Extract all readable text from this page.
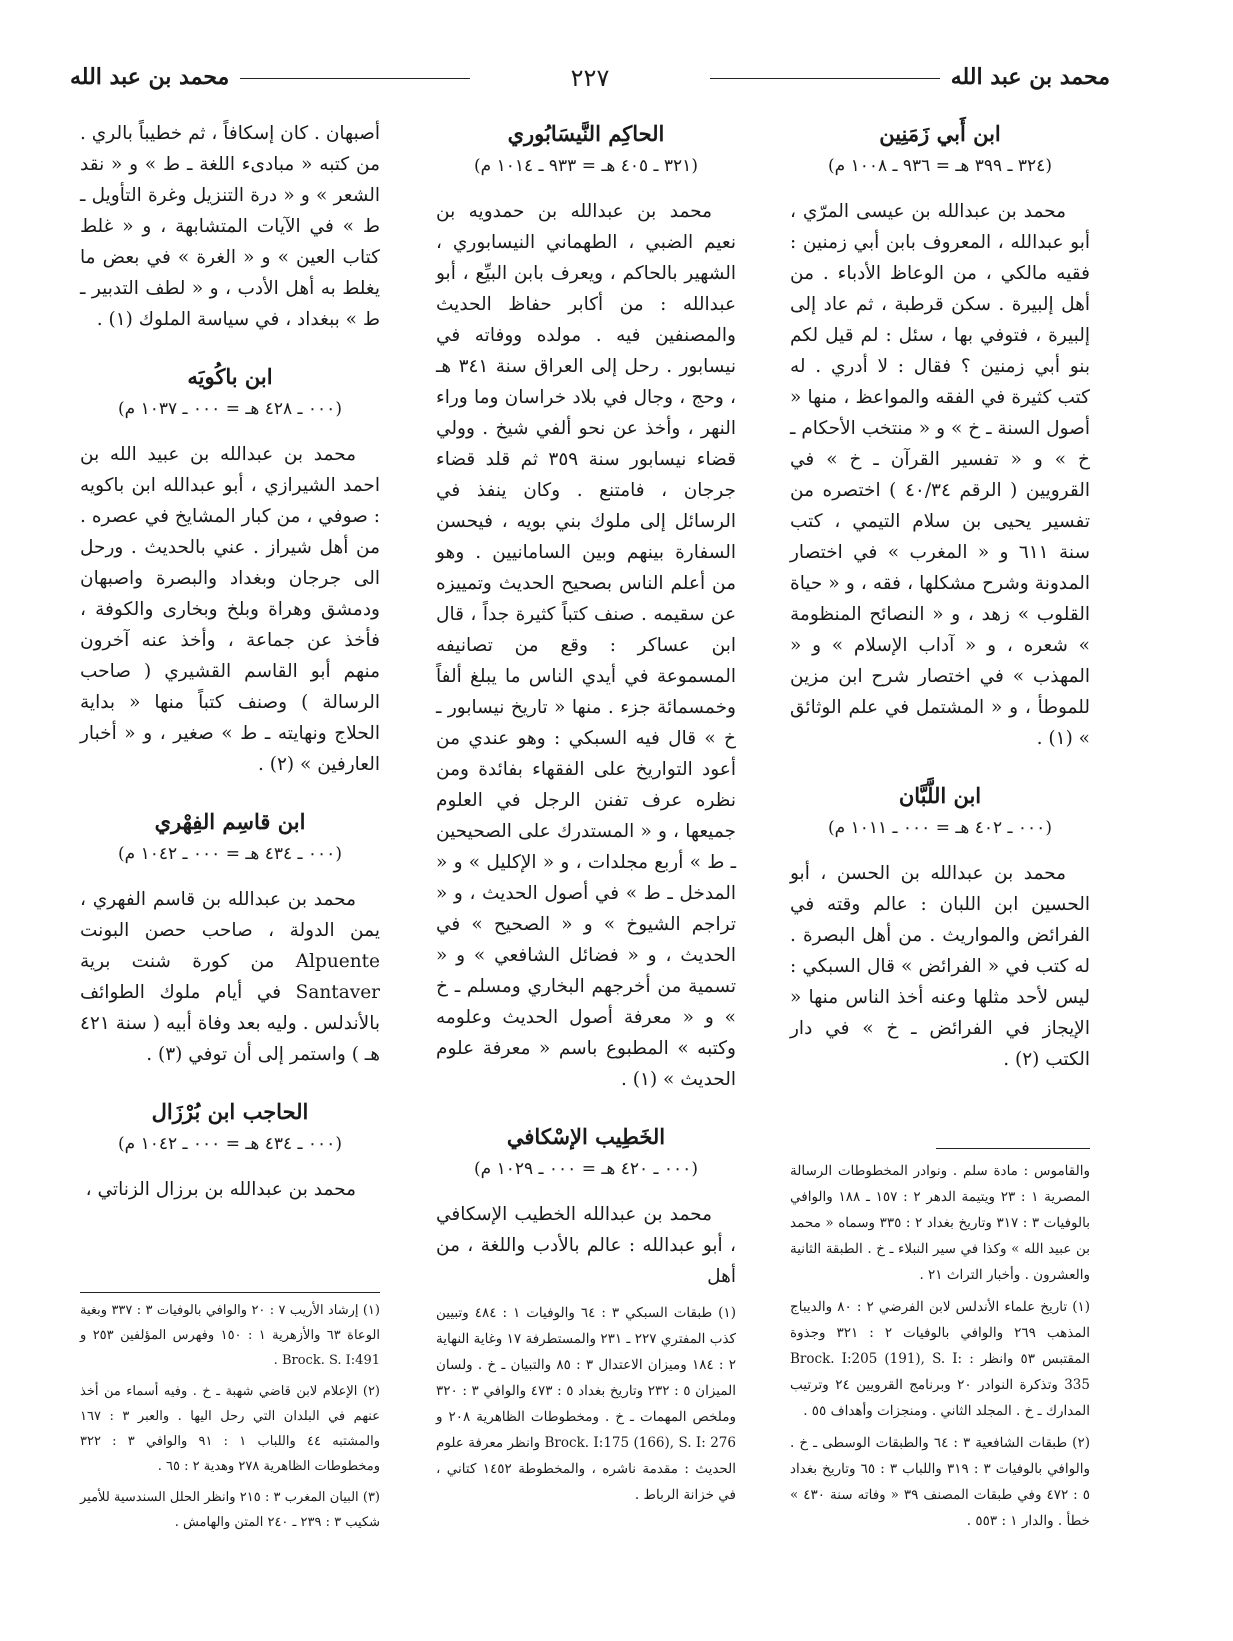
محمد بن عبد الله
٢٢٧
محمد بن عبد الله
ابن أَبي زَمَنِين
(٣٢٤ ـ ٣٩٩ هـ = ٩٣٦ ـ ١٠٠٨ م)

محمد بن عبدالله بن عيسى المرّي ، أبو عبدالله ، المعروف بابن أبي زمنين : فقيه مالكي ، من الوعاظ الأدباء . من أهل إلبيرة . سكن قرطبة ، ثم عاد إلى إلبيرة ، فتوفي بها ، سئل : لم قيل لكم بنو أبي زمنين ؟ فقال : لا أدري . له كتب كثيرة في الفقه والمواعظ ، منها « أصول السنة ـ خ » و « منتخب الأحكام ـ خ » و « تفسير القرآن ـ خ » في القرويين ( الرقم ٤٠/٣٤ ) اختصره من تفسير يحيى بن سلام التيمي ، كتب سنة ٦١١ و « المغرب » في اختصار المدونة وشرح مشكلها ، فقه ، و « حياة القلوب » زهد ، و « النصائح المنظومة » شعره ، و « آداب الإسلام » و « المهذب » في اختصار شرح ابن مزين للموطأ ، و « المشتمل في علم الوثائق » (١) .

ابن اللَّبَّان
(٠٠٠ ـ ٤٠٢ هـ = ٠٠٠ ـ ١٠١١ م)

محمد بن عبدالله بن الحسن ، أبو الحسين ابن اللبان : عالم وقته في الفرائض والمواريث . من أهل البصرة . له كتب في « الفرائض » قال السبكي : ليس لأحد مثلها وعنه أخذ الناس منها « الإيجاز في الفرائض ـ خ » في دار الكتب (٢) .

الحاكِم النَّيسَابُوري
(٣٢١ ـ ٤٠٥ هـ = ٩٣٣ ـ ١٠١٤ م)

محمد بن عبدالله بن حمدويه بن نعيم الضبي ، الطهماني النيسابوري ، الشهير بالحاكم ، ويعرف بابن البيِّع ، أبو عبدالله : من أكابر حفاظ الحديث والمصنفين فيه . مولده ووفاته في نيسابور . رحل إلى العراق سنة ٣٤١ هـ ، وحج ، وجال في بلاد خراسان وما وراء النهر ، وأخذ عن نحو ألفي شيخ . وولي قضاء نيسابور سنة ٣٥٩ ثم قلد قضاء جرجان ، فامتنع . وكان ينفذ في الرسائل إلى ملوك بني بويه ، فيحسن السفارة بينهم وبين السامانيين . وهو من أعلم الناس بصحيح الحديث وتمييزه عن سقيمه . صنف كتباً كثيرة جداً ، قال ابن عساكر : وقع من تصانيفه المسموعة في أيدي الناس ما يبلغ ألفاً وخمسمائة جزء . منها « تاريخ نيسابور ـ خ » قال فيه السبكي : وهو عندي من أعود التواريخ على الفقهاء بفائدة ومن نظره عرف تفنن الرجل في العلوم جميعها ، و « المستدرك على الصحيحين ـ ط » أربع مجلدات ، و « الإكليل » و « المدخل ـ ط » في أصول الحديث ، و « تراجم الشيوخ » و « الصحيح » في الحديث ، و « فضائل الشافعي » و « تسمية من أخرجهم البخاري ومسلم ـ خ » و « معرفة أصول الحديث وعلومه وكتبه » المطبوع باسم « معرفة علوم الحديث » (١) .

الخَطِيب الإسْكافي
(٠٠٠ ـ ٤٢٠ هـ = ٠٠٠ ـ ١٠٢٩ م)

محمد بن عبدالله الخطيب الإسكافي ، أبو عبدالله : عالم بالأدب واللغة ، من أهل

أصبهان . كان إسكافاً ، ثم خطيباً بالري . من كتبه « مبادىء اللغة ـ ط » و « نقد الشعر » و « درة التنزيل وغرة التأويل ـ ط » في الآيات المتشابهة ، و « غلط كتاب العين » و « الغرة » في بعض ما يغلط به أهل الأدب ، و « لطف التدبير ـ ط » ببغداد ، في سياسة الملوك (١) .

ابن باكُويَه
(٠٠٠ ـ ٤٢٨ هـ = ٠٠٠ ـ ١٠٣٧ م)

محمد بن عبدالله بن عبيد الله بن احمد الشيرازي ، أبو عبدالله ابن باكويه : صوفي ، من كبار المشايخ في عصره . من أهل شيراز . عني بالحديث . ورحل الى جرجان وبغداد والبصرة واصبهان ودمشق وهراة وبلخ وبخارى والكوفة ، فأخذ عن جماعة ، وأخذ عنه آخرون منهم أبو القاسم القشيري ( صاحب الرسالة ) وصنف كتباً منها « بداية الحلاج ونهايته ـ ط » صغير ، و « أخبار العارفين » (٢) .

ابن قاسِم الفِهْري
(٠٠٠ ـ ٤٣٤ هـ = ٠٠٠ ـ ١٠٤٢ م)

محمد بن عبدالله بن قاسم الفهري ، يمن الدولة ، صاحب حصن البونت Alpuente من كورة شنت برية Santaver في أيام ملوك الطوائف بالأندلس . وليه بعد وفاة أبيه ( سنة ٤٢١ هـ ) واستمر إلى أن توفي (٣) .

الحاجب ابن بُرْزَال
(٠٠٠ ـ ٤٣٤ هـ = ٠٠٠ ـ ١٠٤٢ م)

محمد بن عبدالله بن برزال الزناتي ،

والقاموس : مادة سلم . ونوادر المخطوطات الرسالة المصرية ١ : ٢٣ ويتيمة الدهر ٢ : ١٥٧ ـ ١٨٨ والوافي بالوفيات ٣ : ٣١٧ وتاريخ بغداد ٢ : ٣٣٥ وسماه « محمد بن عبيد الله » وكذا في سير النبلاء ـ خ . الطبقة الثانية والعشرون . وأخبار التراث ٢١ .

(١) تاريخ علماء الأندلس لابن الفرضي ٢ : ٨٠ والديباج المذهب ٢٦٩ والوافي بالوفيات ٢ : ٣٢١ وجذوة المقتبس ٥٣ وانظر : Brock. I:205 (191), S. I: 335 وتذكرة النوادر ٢٠ وبرنامج القرويين ٢٤ وترتيب المدارك ـ خ . المجلد الثاني . ومنجزات وأهداف ٥٥ .

(٢) طبقات الشافعية ٣ : ٦٤ والطبقات الوسطى ـ خ . والوافي بالوفيات ٣ : ٣١٩ واللباب ٣ : ٦٥ وتاريخ بغداد ٥ : ٤٧٢ وفي طبقات المصنف ٣٩ « وفاته سنة ٤٣٠ » خطأ . والدار ١ : ٥٥٣ .

(١) طبقات السبكي ٣ : ٦٤ والوفيات ١ : ٤٨٤ وتبيين كذب المفتري ٢٢٧ ـ ٢٣١ والمستطرفة ١٧ وغاية النهاية ٢ : ١٨٤ وميزان الاعتدال ٣ : ٨٥ والتبيان ـ خ . ولسان الميزان ٥ : ٢٣٢ وتاريخ بغداد ٥ : ٤٧٣ والوافي ٣ : ٣٢٠ وملخص المهمات ـ خ . ومخطوطات الظاهرية ٢٠٨ و Brock. I:175 (166), S. I: 276 وانظر معرفة علوم الحديث : مقدمة ناشره ، والمخطوطة ١٤٥٢ كتاني ، في خزانة الرباط .

(١) إرشاد الأريب ٧ : ٢٠ والوافي بالوفيات ٣ : ٣٣٧ وبغية الوعاة ٦٣ والأزهرية ١ : ١٥٠ وفهرس المؤلفين ٢٥٣ و Brock. S. I:491 .

(٢) الإعلام لابن قاضي شهبة ـ خ . وفيه أسماء من أخذ عنهم في البلدان التي رحل اليها . والعبر ٣ : ١٦٧ والمشتبه ٤٤ واللباب ١ : ٩١ والوافي ٣ : ٣٢٢ ومخطوطات الظاهرية ٢٧٨ وهدية ٢ : ٦٥ .

(٣) البيان المغرب ٣ : ٢١٥ وانظر الحلل السندسية للأمير شكيب ٣ : ٢٣٩ ـ ٢٤٠ المتن والهامش .
